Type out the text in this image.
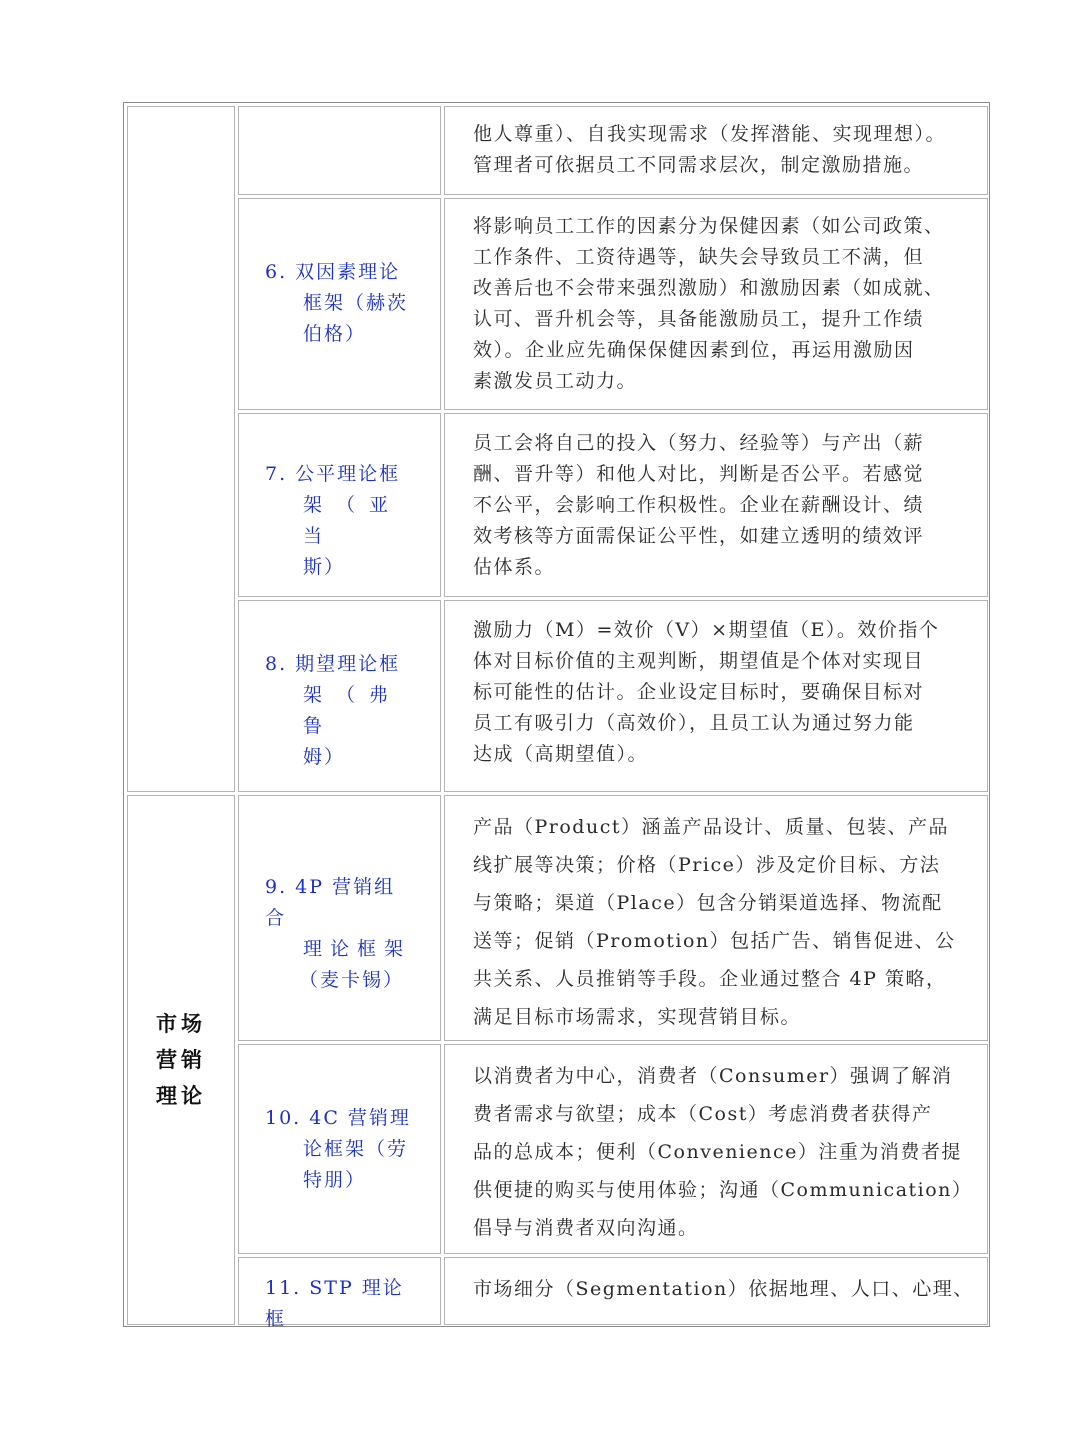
市场
营销
理论
他人尊重）、自我实现需求（发挥潜能、实现理想）。
管理者可依据员工不同需求层次，制定激励措施。
6. 双因素理论
框架（赫茨
伯格）
将影响员工工作的因素分为保健因素（如公司政策、
工作条件、工资待遇等，缺失会导致员工不满，但
改善后也不会带来强烈激励）和激励因素（如成就、
认可、晋升机会等，具备能激励员工，提升工作绩
效）。企业应先确保保健因素到位，再运用激励因
素激发员工动力。
7. 公平理论框
架（亚当
斯）
员工会将自己的投入（努力、经验等）与产出（薪
酬、晋升等）和他人对比，判断是否公平。若感觉
不公平，会影响工作积极性。企业在薪酬设计、绩
效考核等方面需保证公平性，如建立透明的绩效评
估体系。
8. 期望理论框
架（弗鲁
姆）
激励力（M）=效价（V）×期望值（E）。效价指个
体对目标价值的主观判断，期望值是个体对实现目
标可能性的估计。企业设定目标时，要确保目标对
员工有吸引力（高效价），且员工认为通过努力能
达成（高期望值）。
9. 4P 营销组合
理论框架
（麦卡锡）
产品（Product）涵盖产品设计、质量、包装、产品
线扩展等决策；价格（Price）涉及定价目标、方法
与策略；渠道（Place）包含分销渠道选择、物流配
送等；促销（Promotion）包括广告、销售促进、公
共关系、人员推销等手段。企业通过整合 4P 策略，
满足目标市场需求，实现营销目标。
10. 4C 营销理
论框架（劳
特朋）
以消费者为中心，消费者（Consumer）强调了解消
费者需求与欲望；成本（Cost）考虑消费者获得产
品的总成本；便利（Convenience）注重为消费者提
供便捷的购买与使用体验；沟通（Communication）
倡导与消费者双向沟通。
11. STP 理论框
市场细分（Segmentation）依据地理、人口、心理、
